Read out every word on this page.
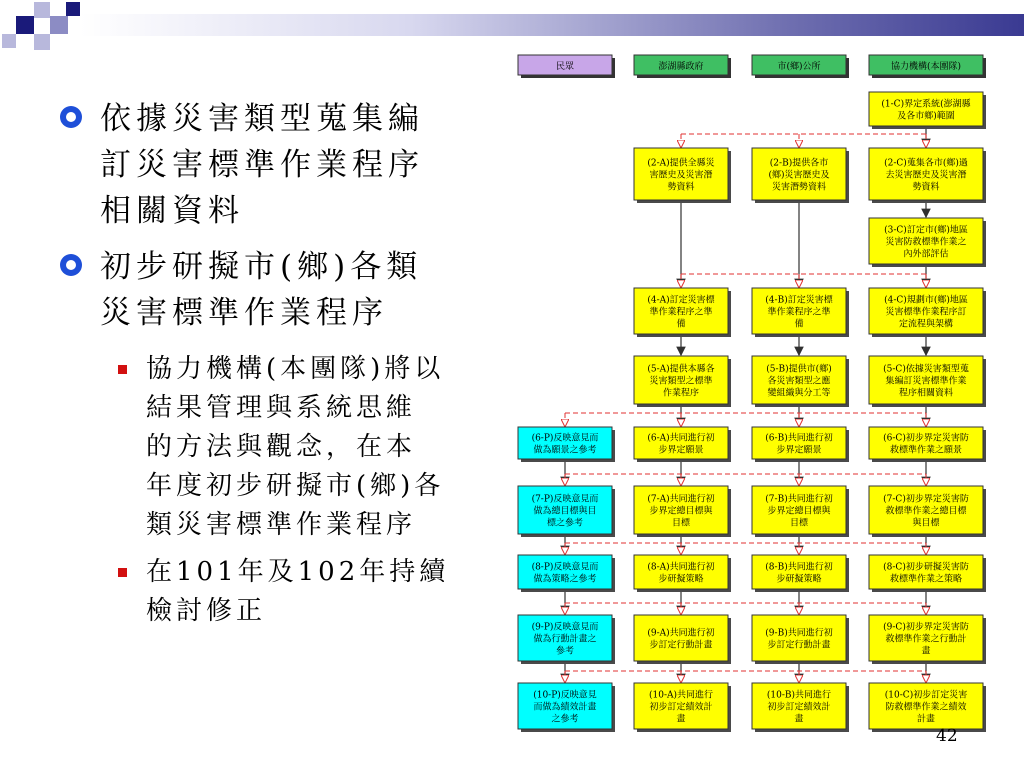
依據災害類型蒐集編
訂災害標準作業程序
相關資料
初步研擬市(鄉)各類
災害標準作業程序
協力機構(本團隊)將以
結果管理與系統思維
的方法與觀念，在本
年度初步研擬市(鄉)各
類災害標準作業程序
在101年及102年持續
檢討修正
民眾	澎湖縣政府	市(鄉)公所	協力機構(本團隊)
(1-C)界定系統(澎湖縣
及各市鄉)範圍
(2-A)提供全縣災
害歷史及災害潛
勢資料
(2-B)提供各市
(鄉)災害歷史及
災害潛勢資料
(2-C)蒐集各市(鄉)過
去災害歷史及災害潛
勢資料
(3-C)訂定市(鄉)地區
災害防救標準作業之
內外部評估
(4-A)訂定災害標
準作業程序之準
備
(4-B)訂定災害標
準作業程序之準
備
(4-C)規劃市(鄉)地區
災害標準作業程序訂
定流程與架構
(5-A)提供本縣各
災害類型之標準
作業程序
(5-B)提供市(鄉)
各災害類型之應
變組織與分工等
(5-C)依據災害類型蒐
集編訂災害標準作業
程序相關資料
(6-P)反映意見而
做為願景之參考
(6-A)共同進行初
步界定願景
(6-B)共同進行初
步界定願景
(6-C)初步界定災害防
救標準作業之願景
(7-P)反映意見而
做為總目標與目
標之參考
(7-A)共同進行初
步界定總目標與
目標
(7-B)共同進行初
步界定總目標與
目標
(7-C)初步界定災害防
救標準作業之總目標
與目標
(8-P)反映意見而
做為策略之參考
(8-A)共同進行初
步研擬策略
(8-B)共同進行初
步研擬策略
(8-C)初步研擬災害防
救標準作業之策略
(9-P)反映意見而
做為行動計畫之
參考
(9-A)共同進行初
步訂定行動計畫
(9-B)共同進行初
步訂定行動計畫
(9-C)初步界定災害防
救標準作業之行動計
畫
(10-P)反映意見
而做為績效計畫
之參考
(10-A)共同進行
初步訂定績效計
畫
(10-B)共同進行
初步訂定績效計
畫
(10-C)初步訂定災害
防救標準作業之績效
計畫
42
